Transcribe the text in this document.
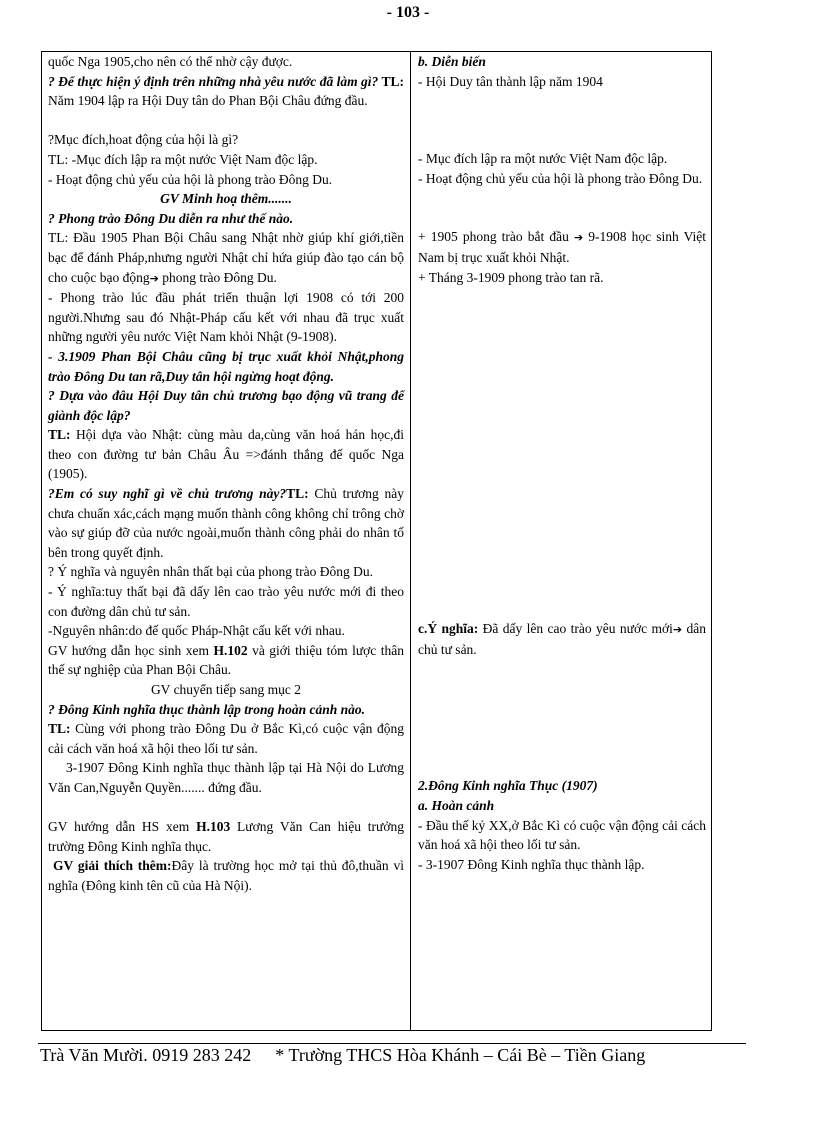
- 103 -

quốc Nga 1905,cho nên có thể nhờ cậy được.

? Để thực hiện ý định trên những nhà yêu nước đã làm gì? TL: Năm 1904 lập ra Hội Duy tân do Phan Bội Châu đứng đầu.

?Mục đích,hoat động của hội là gì?

TL: -Mục đích lập ra một nước Việt Nam độc lập.

- Hoạt động chủ yếu của hội là phong trào Đông Du.

GV Minh hoạ thêm.......

? Phong trào Đông Du diễn ra như thế nào.

TL: Đầu 1905 Phan Bội Châu sang Nhật nhờ giúp khí giới,tiền bạc để đánh Pháp,nhưng người Nhật chỉ hứa giúp đào tạo cán bộ cho cuộc bạo động➔ phong trào Đông Du.

- Phong trào lúc đầu phát triển thuận lợi 1908 có tới 200 người.Nhưng sau đó Nhật-Pháp cấu kết với nhau đã trục xuất những người yêu nước Việt Nam khỏi Nhật (9-1908).

- 3.1909 Phan Bội Châu cũng bị trục xuất khỏi Nhật,phong trào Đông Du tan rã,Duy tân hội ngừng hoạt động.

? Dựa vào đâu Hội Duy tân chủ trương bạo động vũ trang để giành độc lập?

TL: Hội dựa vào Nhật: cùng màu da,cùng văn hoá hán học,đi theo con đường tư bản Châu Âu =>đánh thắng đế quốc Nga (1905).

?Em có suy nghĩ gì về chủ trương này?TL: Chủ trương này chưa chuẩn xác,cách mạng muốn thành công không chỉ trông chờ vào sự giúp đỡ của nước ngoài,muốn thành công phải do nhân tố bên trong quyết định.

? Ý nghĩa và nguyên nhân thất bại của phong trào Đông Du.

- Ý nghĩa:tuy thất bại đã dấy lên cao trào yêu nước mới đi theo con đường dân chủ tư sản.

-Nguyên nhân:do đế quốc Pháp-Nhật cấu kết với nhau.

GV hướng dẫn học sinh xem H.102 và giới thiệu tóm lược thân thế sự nghiệp của Phan Bội Châu.

GV chuyển tiếp sang mục 2

? Đông Kinh nghĩa thục thành lập trong hoàn cảnh nào.

TL: Cùng với phong trào Đông Du ở Bắc Kì,có cuộc vận động cải cách văn hoá xã hội theo lối tư sản.

3-1907 Đông Kinh nghĩa thục thành lập tại Hà Nội do Lương Văn Can,Nguyễn Quyền....... đứng đầu.

GV hướng dẫn HS xem H.103 Lương Văn Can hiệu trưởng trường Đông Kinh nghĩa thục.

GV giải thích thêm:Đây là trường học mở tại thủ đô,thuần vì nghĩa (Đông kinh tên cũ của Hà Nội).

b. Diễn biến

- Hội Duy tân thành lập năm 1904

- Mục đích lập ra một nước Việt Nam độc lập.

- Hoạt động chủ yếu của hội là phong trào Đông Du.

+ 1905 phong trào bắt đầu ➔ 9-1908 học sinh Việt Nam bị trục xuất khỏi Nhật.

+ Tháng 3-1909 phong trào tan rã.

c.Ý nghĩa: Đã dấy lên cao trào yêu nước mới➔ dân chủ tư sản.

2.Đông Kinh nghĩa Thục (1907)

a. Hoàn cảnh

- Đầu thế kỷ XX,ở Bắc Kì có cuộc vận động cải cách văn hoá xã hội theo lối tư sản.

- 3-1907 Đông Kinh nghĩa thục thành lập.

Trà Văn Mười. 0919 283 242 * Trường THCS Hòa Khánh – Cái Bè – Tiền Giang
